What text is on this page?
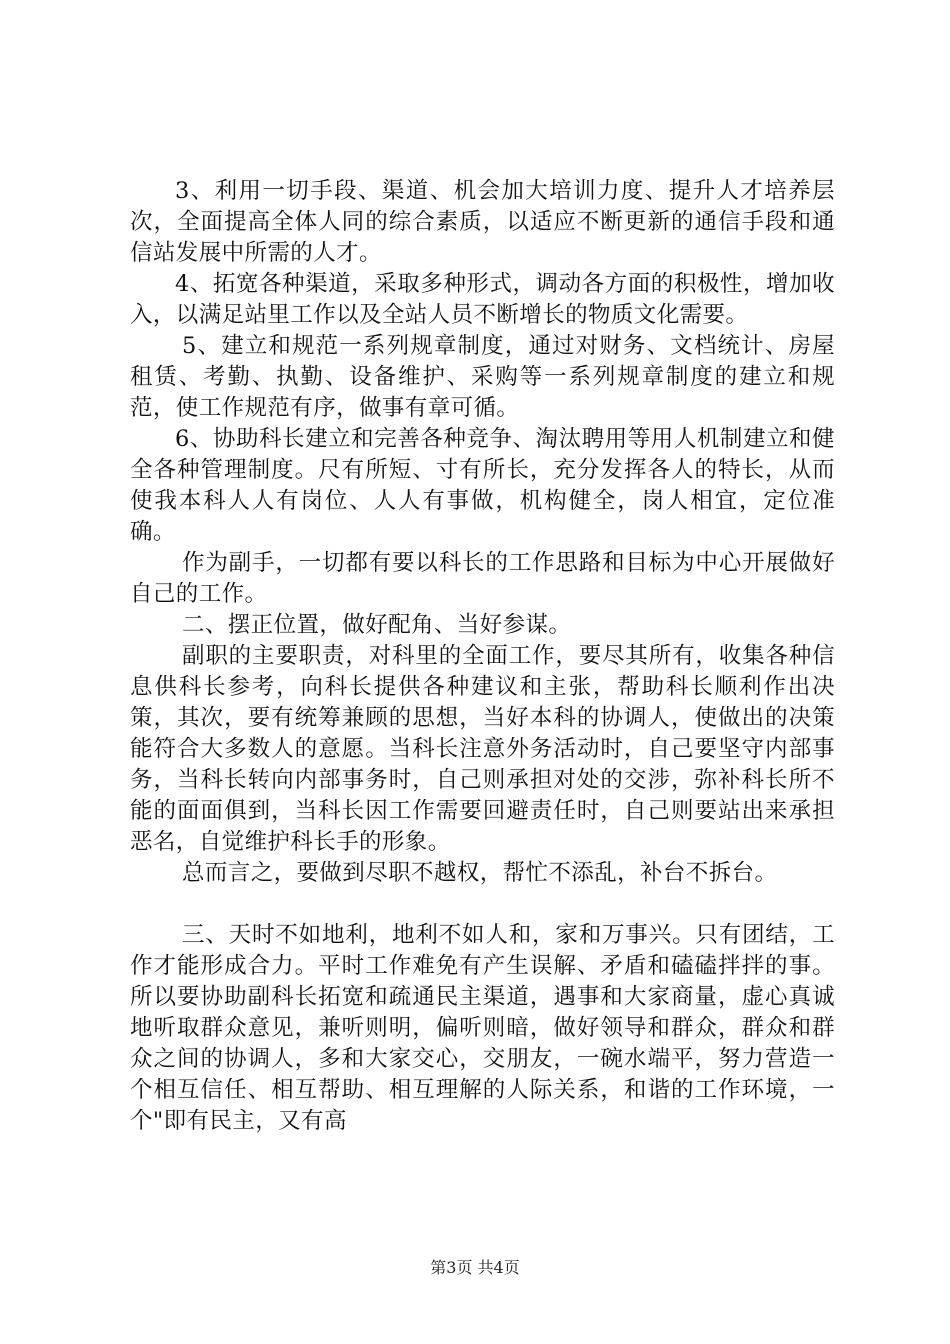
3、利用一切手段、渠道、机会加大培训力度、提升人才培养层次，全面提高全体人同的综合素质，以适应不断更新的通信手段和通信站发展中所需的人才。

4、拓宽各种渠道，采取多种形式，调动各方面的积极性，增加收入，以满足站里工作以及全站人员不断增长的物质文化需要。

5、建立和规范一系列规章制度，通过对财务、文档统计、房屋租赁、考勤、执勤、设备维护、采购等一系列规章制度的建立和规范，使工作规范有序，做事有章可循。

6、协助科长建立和完善各种竞争、淘汰聘用等用人机制建立和健全各种管理制度。尺有所短、寸有所长，充分发挥各人的特长，从而使我本科人人有岗位、人人有事做，机构健全，岗人相宜，定位准确。

作为副手，一切都有要以科长的工作思路和目标为中心开展做好自己的工作。

二、摆正位置，做好配角、当好参谋。

副职的主要职责，对科里的全面工作，要尽其所有，收集各种信息供科长参考，向科长提供各种建议和主张，帮助科长顺利作出决策，其次，要有统筹兼顾的思想，当好本科的协调人，使做出的决策能符合大多数人的意愿。当科长注意外务活动时，自己要坚守内部事务，当科长转向内部事务时，自己则承担对处的交涉，弥补科长所不能的面面俱到，当科长因工作需要回避责任时，自己则要站出来承担恶名，自觉维护科长手的形象。

总而言之，要做到尽职不越权，帮忙不添乱，补台不拆台。

三、天时不如地利，地利不如人和，家和万事兴。只有团结，工作才能形成合力。平时工作难免有产生误解、矛盾和磕磕拌拌的事。所以要协助副科长拓宽和疏通民主渠道，遇事和大家商量，虚心真诚地听取群众意见，兼听则明，偏听则暗，做好领导和群众，群众和群众之间的协调人，多和大家交心，交朋友，一碗水端平，努力营造一个相互信任、相互帮助、相互理解的人际关系，和谐的工作环境，一个"即有民主，又有高

第3页 共4页
